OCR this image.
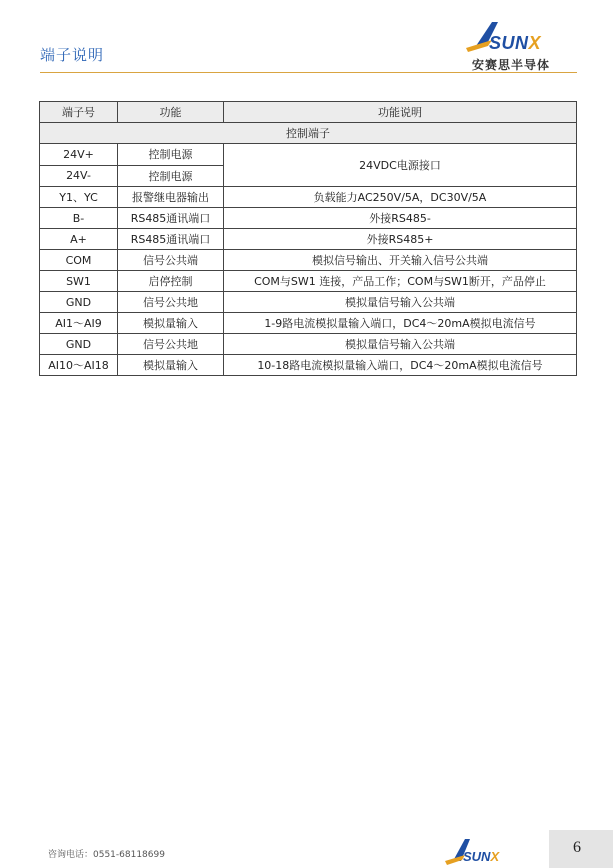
端子说明
SUNX
安赛思半导体
端子号	功能	功能说明
控制端子		
24V+	控制电源	24VDC电源接口
24V-	控制电源	
Y1、YC	报警继电器输出	负载能力AC250V/5A，DC30V/5A
B-	RS485通讯端口	外接RS485-
A+	RS485通讯端口	外接RS485+
COM	信号公共端	模拟信号输出、开关输入信号公共端
SW1	启停控制	COM与SW1 连接，产品工作；COM与SW1断开，产品停止
GND	信号公共地	模拟量信号输入公共端
AI1～AI9	模拟量输入	1-9路电流模拟量输入端口，DC4～20mA模拟电流信号
GND	信号公共地	模拟量信号输入公共端
AI10～AI18	模拟量输入	10-18路电流模拟量输入端口，DC4～20mA模拟电流信号
咨询电话：0551-68118699	SUNX
6
